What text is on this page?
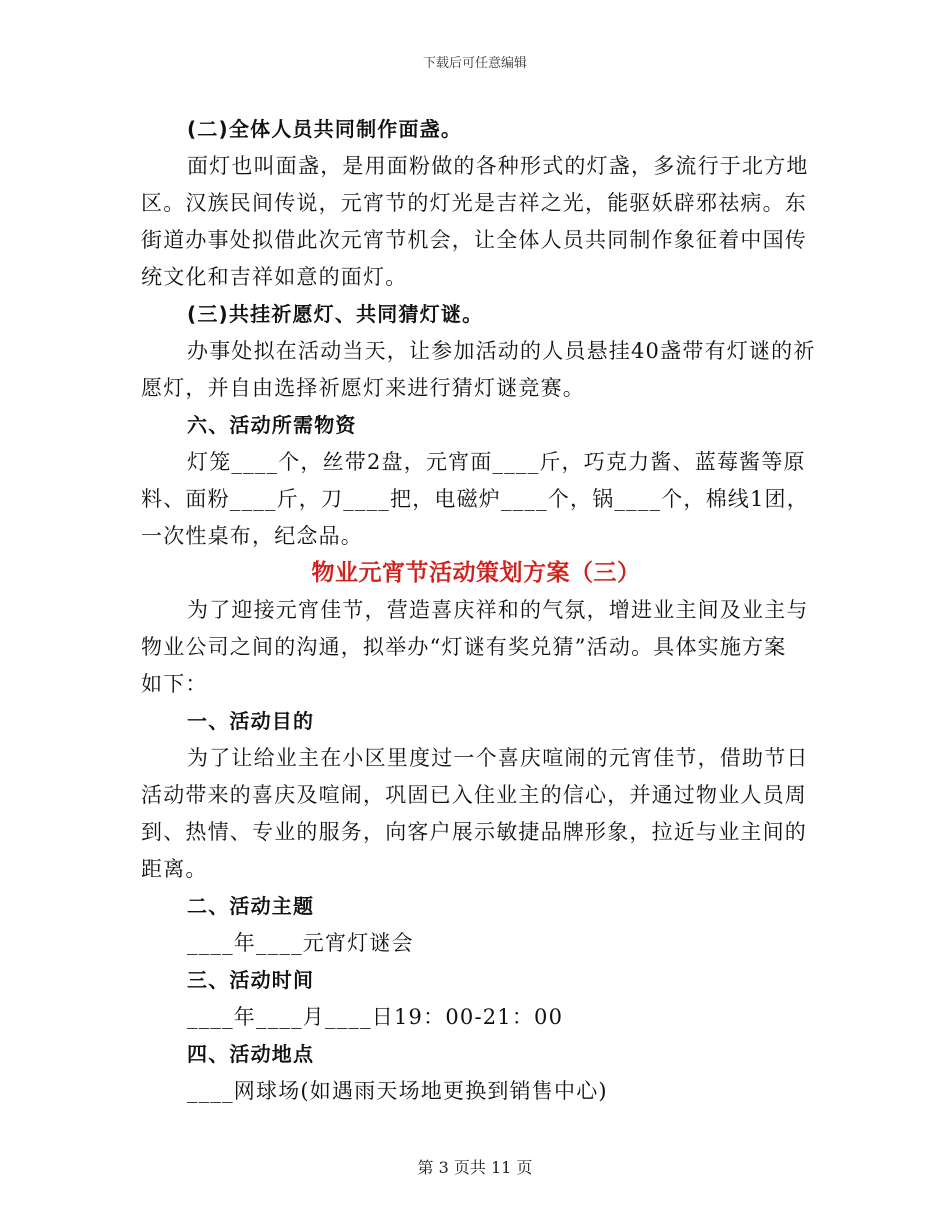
下载后可任意编辑
(二)全体人员共同制作面盏。
面灯也叫面盏，是用面粉做的各种形式的灯盏，多流行于北方地
区。汉族民间传说，元宵节的灯光是吉祥之光，能驱妖辟邪祛病。东
街道办事处拟借此次元宵节机会，让全体人员共同制作象征着中国传
统文化和吉祥如意的面灯。
(三)共挂祈愿灯、共同猜灯谜。
办事处拟在活动当天，让参加活动的人员悬挂40盏带有灯谜的祈
愿灯，并自由选择祈愿灯来进行猜灯谜竞赛。
六、活动所需物资
灯笼____个，丝带2盘，元宵面____斤，巧克力酱、蓝莓酱等原
料、面粉____斤，刀____把，电磁炉____个，锅____个，棉线1团，
一次性桌布，纪念品。
物业元宵节活动策划方案（三）
为了迎接元宵佳节，营造喜庆祥和的气氛，增进业主间及业主与
物业公司之间的沟通，拟举办“灯谜有奖兑猜”活动。具体实施方案
如下：
一、活动目的
为了让给业主在小区里度过一个喜庆喧闹的元宵佳节，借助节日
活动带来的喜庆及喧闹，巩固已入住业主的信心，并通过物业人员周
到、热情、专业的服务，向客户展示敏捷品牌形象，拉近与业主间的
距离。
二、活动主题
____年____元宵灯谜会
三、活动时间
____年____月____日19：00-21：00
四、活动地点
____网球场(如遇雨天场地更换到销售中心)
第 3 页共 11 页
